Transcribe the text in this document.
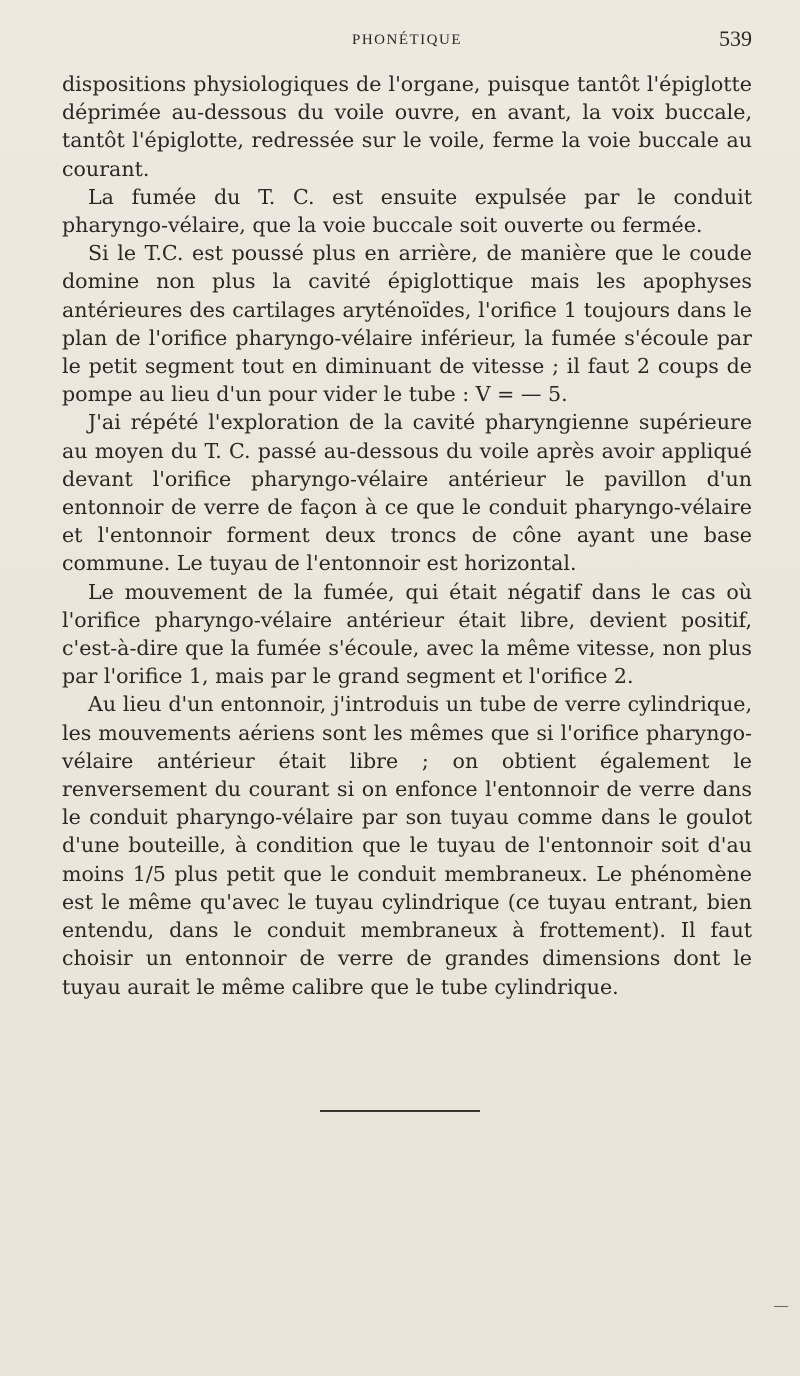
PHONÉTIQUE	539

dispositions physiologiques de l'organe, puisque tantôt l'épiglotte déprimée au-dessous du voile ouvre, en avant, la voix buccale, tantôt l'épiglotte, redressée sur le voile, ferme la voie buccale au courant.

La fumée du T. C. est ensuite expulsée par le conduit pharyngo-vélaire, que la voie buccale soit ouverte ou fermée.

Si le T.C. est poussé plus en arrière, de manière que le coude domine non plus la cavité épiglottique mais les apophyses antérieures des cartilages aryténoïdes, l'orifice 1 toujours dans le plan de l'orifice pharyngo-vélaire inférieur, la fumée s'écoule par le petit segment tout en diminuant de vitesse ; il faut 2 coups de pompe au lieu d'un pour vider le tube : V = — 5.

J'ai répété l'exploration de la cavité pharyngienne supérieure au moyen du T. C. passé au-dessous du voile après avoir appliqué devant l'orifice pharyngo-vélaire antérieur le pavillon d'un entonnoir de verre de façon à ce que le conduit pharyngo-vélaire et l'entonnoir forment deux troncs de cône ayant une base commune. Le tuyau de l'entonnoir est horizontal.

Le mouvement de la fumée, qui était négatif dans le cas où l'orifice pharyngo-vélaire antérieur était libre, devient positif, c'est-à-dire que la fumée s'écoule, avec la même vitesse, non plus par l'orifice 1, mais par le grand segment et l'orifice 2.

Au lieu d'un entonnoir, j'introduis un tube de verre cylindrique, les mouvements aériens sont les mêmes que si l'orifice pharyngo-vélaire antérieur était libre ; on obtient également le renversement du courant si on enfonce l'entonnoir de verre dans le conduit pharyngo-vélaire par son tuyau comme dans le goulot d'une bouteille, à condition que le tuyau de l'entonnoir soit d'au moins 1/5 plus petit que le conduit membraneux. Le phénomène est le même qu'avec le tuyau cylindrique (ce tuyau entrant, bien entendu, dans le conduit membraneux à frottement). Il faut choisir un entonnoir de verre de grandes dimensions dont le tuyau aurait le même calibre que le tube cylindrique.
